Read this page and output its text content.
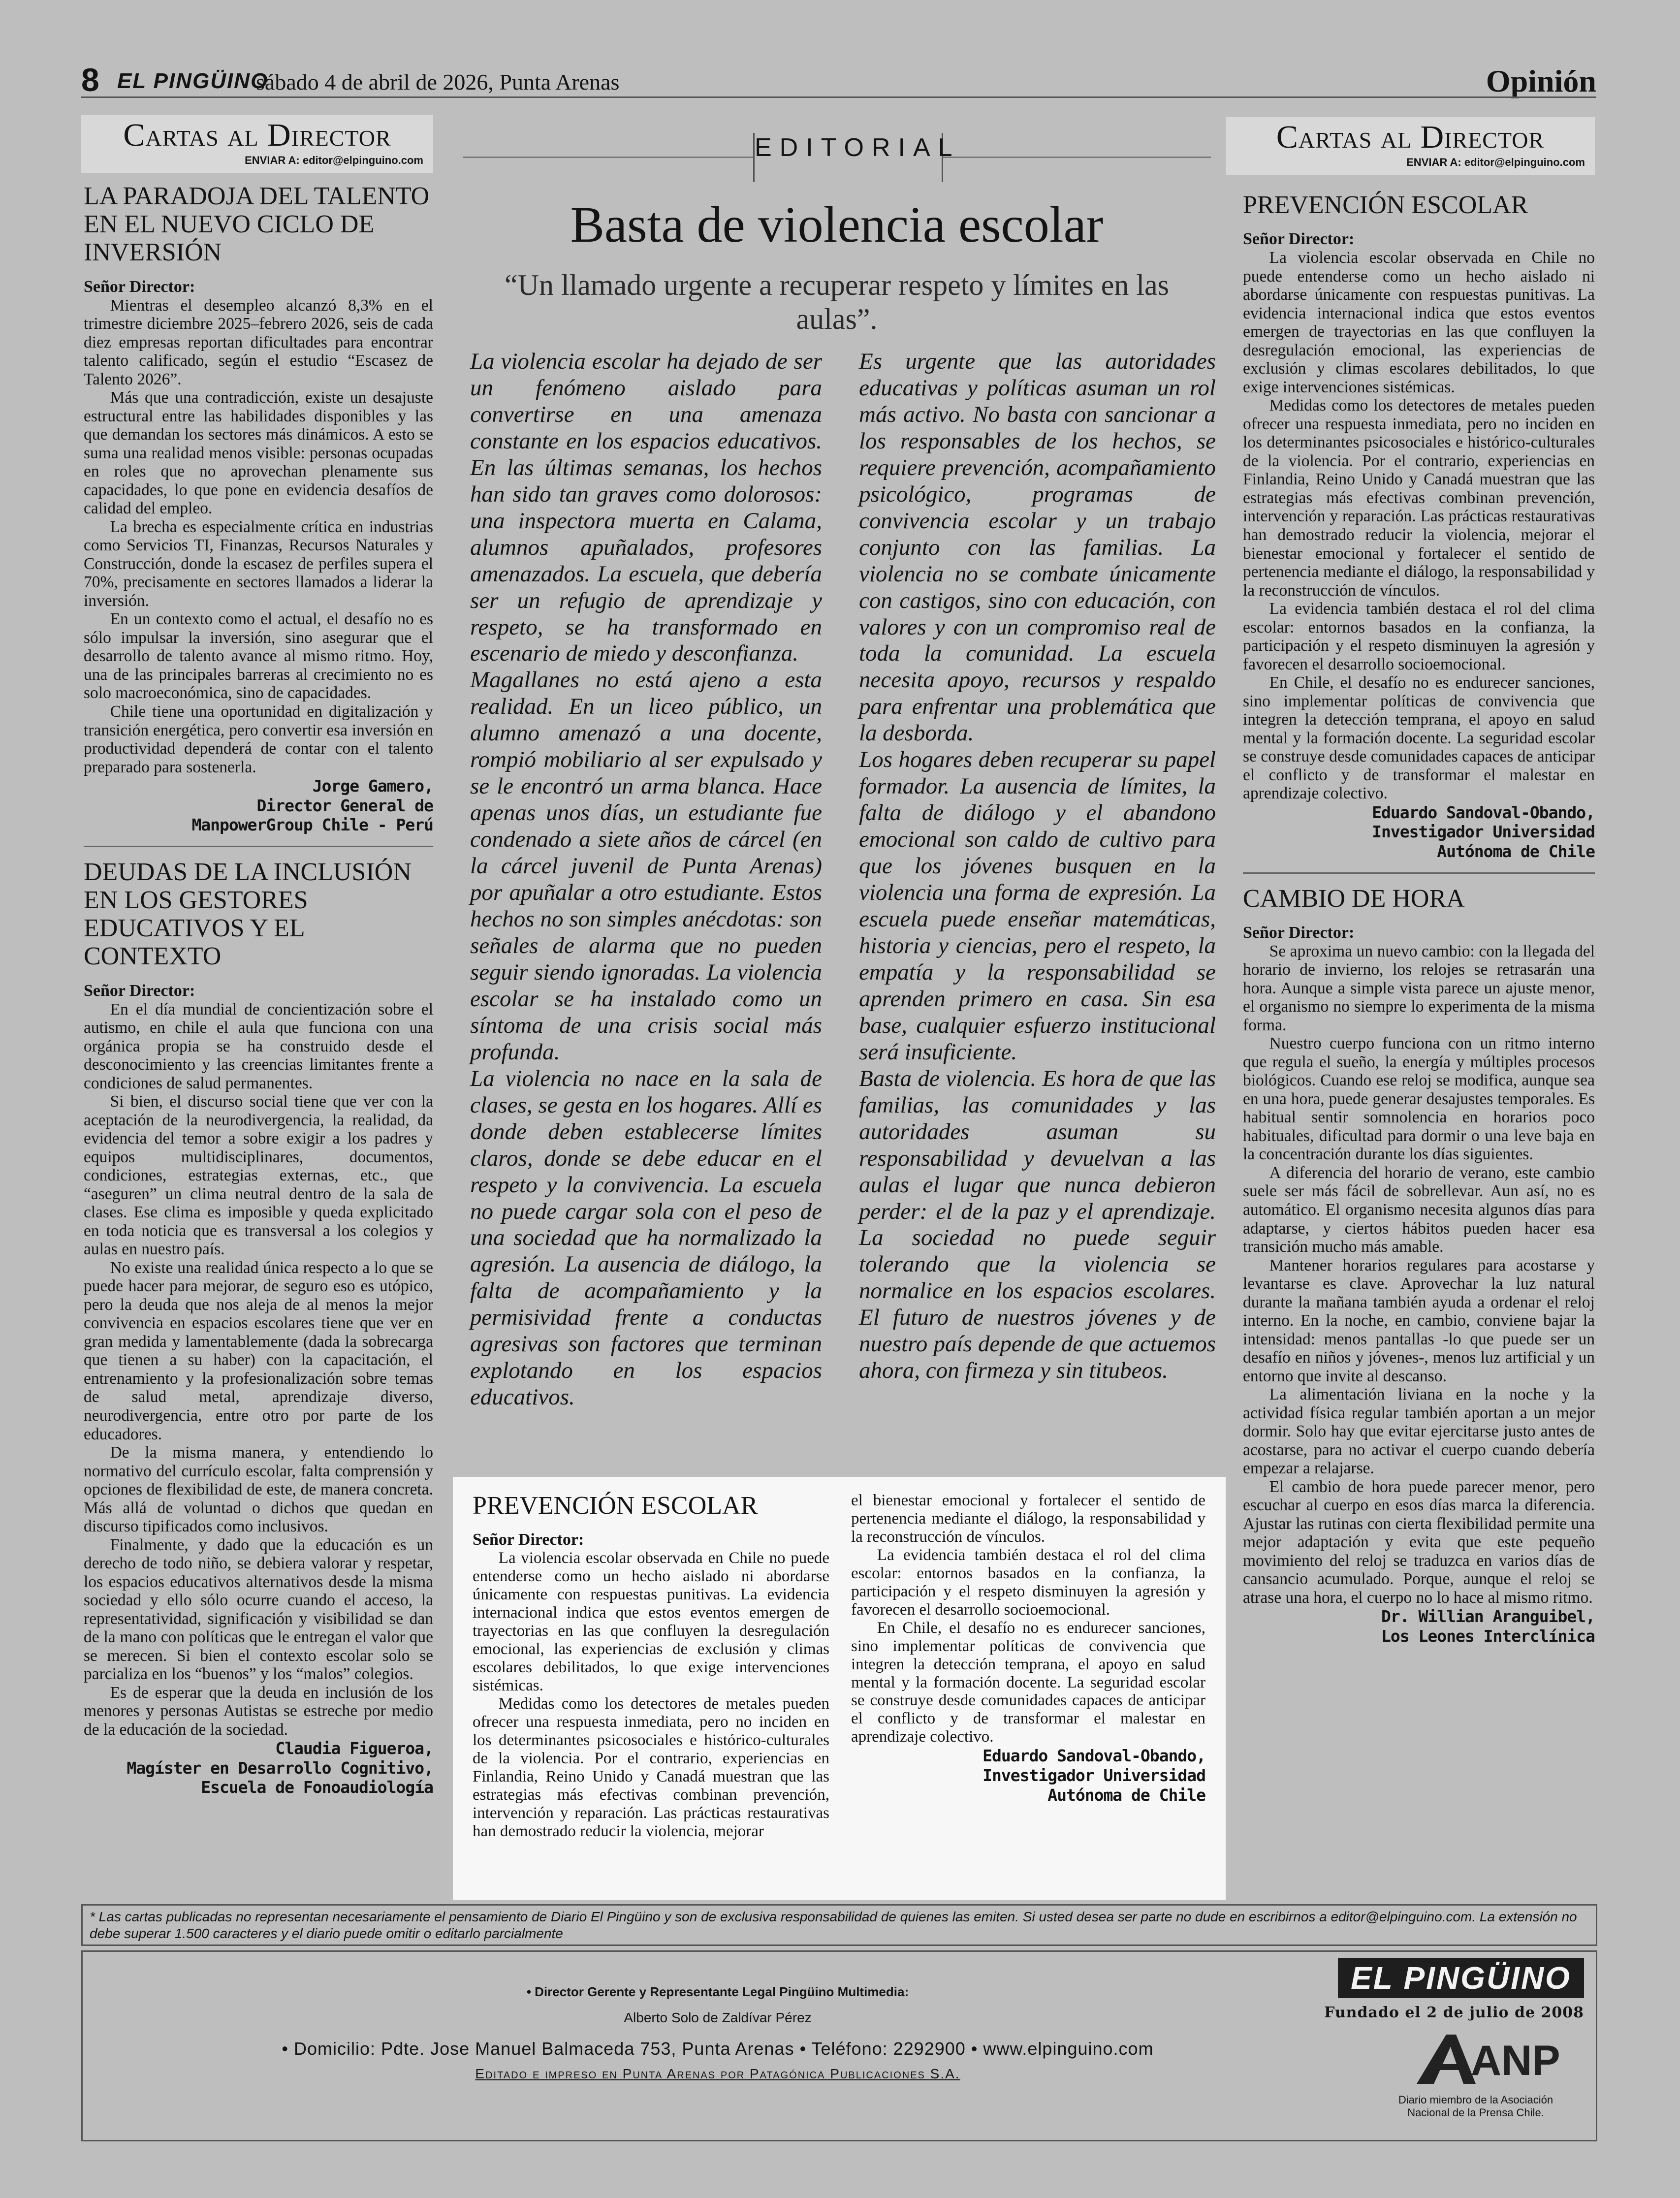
8 EL PINGÜINO
sábado 4 de abril de 2026, Punta Arenas	Opinión
Cartas al Director
ENVIAR A: editor@elpinguino.com
LA PARADOJA DEL TALENTO EN EL NUEVO CICLO DE INVERSIÓN
Señor Director:

Mientras el desempleo alcanzó 8,3% en el trimestre diciembre 2025–febrero 2026, seis de cada diez empresas reportan dificultades para encontrar talento calificado, según el estudio “Escasez de Talento 2026”.

Más que una contradicción, existe un desajuste estructural entre las habilidades disponibles y las que demandan los sectores más dinámicos. A esto se suma una realidad menos visible: personas ocupadas en roles que no aprovechan plenamente sus capacidades, lo que pone en evidencia desafíos de calidad del empleo.

La brecha es especialmente crítica en industrias como Servicios TI, Finanzas, Recursos Naturales y Construcción, donde la escasez de perfiles supera el 70%, precisamente en sectores llamados a liderar la inversión.

En un contexto como el actual, el desafío no es sólo impulsar la inversión, sino asegurar que el desarrollo de talento avance al mismo ritmo. Hoy, una de las principales barreras al crecimiento no es solo macroeconómica, sino de capacidades.

Chile tiene una oportunidad en digitalización y transición energética, pero convertir esa inversión en productividad dependerá de contar con el talento preparado para sostenerla.

Jorge Gamero,
Director General de
ManpowerGroup Chile - Perú
DEUDAS DE LA INCLUSIÓN EN LOS GESTORES EDUCATIVOS Y EL CONTEXTO
Señor Director:

En el día mundial de concientización sobre el autismo, en chile el aula que funciona con una orgánica propia se ha construido desde el desconocimiento y las creencias limitantes frente a condiciones de salud permanentes.

Si bien, el discurso social tiene que ver con la aceptación de la neurodivergencia, la realidad, da evidencia del temor a sobre exigir a los padres y equipos multidisciplinares, documentos, condiciones, estrategias externas, etc., que “aseguren” un clima neutral dentro de la sala de clases. Ese clima es imposible y queda explicitado en toda noticia que es transversal a los colegios y aulas en nuestro país.

No existe una realidad única respecto a lo que se puede hacer para mejorar, de seguro eso es utópico, pero la deuda que nos aleja de al menos la mejor convivencia en espacios escolares tiene que ver en gran medida y lamentablemente (dada la sobrecarga que tienen a su haber) con la capacitación, el entrenamiento y la profesionalización sobre temas de salud metal, aprendizaje diverso, neurodivergencia, entre otro por parte de los educadores.

De la misma manera, y entendiendo lo normativo del currículo escolar, falta comprensión y opciones de flexibilidad de este, de manera concreta. Más allá de voluntad o dichos que quedan en discurso tipificados como inclusivos.

Finalmente, y dado que la educación es un derecho de todo niño, se debiera valorar y respetar, los espacios educativos alternativos desde la misma sociedad y ello sólo ocurre cuando el acceso, la representatividad, significación y visibilidad se dan de la mano con políticas que le entregan el valor que se merecen. Si bien el contexto escolar solo se parcializa en los “buenos” y los “malos” colegios.

Es de esperar que la deuda en inclusión de los menores y personas Autistas se estreche por medio de la educación de la sociedad.

Claudia Figueroa,
Magíster en Desarrollo Cognitivo,
Escuela de Fonoaudiología
EDITORIAL
Basta de violencia escolar
“Un llamado urgente a recuperar respeto y límites en las aulas”.

La violencia escolar ha dejado de ser un fenómeno aislado para convertirse en una amenaza constante en los espacios educativos. En las últimas semanas, los hechos han sido tan graves como dolorosos: una inspectora muerta en Calama, alumnos apuñalados, profesores amenazados. La escuela, que debería ser un refugio de aprendizaje y respeto, se ha transformado en escenario de miedo y desconfianza.

Magallanes no está ajeno a esta realidad. En un liceo público, un alumno amenazó a una docente, rompió mobiliario al ser expulsado y se le encontró un arma blanca. Hace apenas unos días, un estudiante fue condenado a siete años de cárcel (en la cárcel juvenil de Punta Arenas) por apuñalar a otro estudiante. Estos hechos no son simples anécdotas: son señales de alarma que no pueden seguir siendo ignoradas. La violencia escolar se ha instalado como un síntoma de una crisis social más profunda.

La violencia no nace en la sala de clases, se gesta en los hogares. Allí es donde deben establecerse límites claros, donde se debe educar en el respeto y la convivencia. La escuela no puede cargar sola con el peso de una sociedad que ha normalizado la agresión. La ausencia de diálogo, la falta de acompañamiento y la permisividad frente a conductas agresivas son factores que terminan explotando en los espacios educativos.

Es urgente que las autoridades educativas y políticas asuman un rol más activo. No basta con sancionar a los responsables de los hechos, se requiere prevención, acompañamiento psicológico, programas de convivencia escolar y un trabajo conjunto con las familias. La violencia no se combate únicamente con castigos, sino con educación, con valores y con un compromiso real de toda la comunidad. La escuela necesita apoyo, recursos y respaldo para enfrentar una problemática que la desborda.

Los hogares deben recuperar su papel formador. La ausencia de límites, la falta de diálogo y el abandono emocional son caldo de cultivo para que los jóvenes busquen en la violencia una forma de expresión. La escuela puede enseñar matemáticas, historia y ciencias, pero el respeto, la empatía y la responsabilidad se aprenden primero en casa. Sin esa base, cualquier esfuerzo institucional será insuficiente.

Basta de violencia. Es hora de que las familias, las comunidades y las autoridades asuman su responsabilidad y devuelvan a las aulas el lugar que nunca debieron perder: el de la paz y el aprendizaje. La sociedad no puede seguir tolerando que la violencia se normalice en los espacios escolares. El futuro de nuestros jóvenes y de nuestro país depende de que actuemos ahora, con firmeza y sin titubeos.

PREVENCIÓN ESCOLAR
Señor Director:

La violencia escolar observada en Chile no puede entenderse como un hecho aislado ni abordarse únicamente con respuestas punitivas. La evidencia internacional indica que estos eventos emergen de trayectorias en las que confluyen la desregulación emocional, las experiencias de exclusión y climas escolares debilitados, lo que exige intervenciones sistémicas.

Medidas como los detectores de metales pueden ofrecer una respuesta inmediata, pero no inciden en los determinantes psicosociales e histórico-culturales de la violencia. Por el contrario, experiencias en Finlandia, Reino Unido y Canadá muestran que las estrategias más efectivas combinan prevención, intervención y reparación. Las prácticas restaurativas han demostrado reducir la violencia, mejorar

el bienestar emocional y fortalecer el sentido de pertenencia mediante el diálogo, la responsabilidad y la reconstrucción de vínculos.

La evidencia también destaca el rol del clima escolar: entornos basados en la confianza, la participación y el respeto disminuyen la agresión y favorecen el desarrollo socioemocional.

En Chile, el desafío no es endurecer sanciones, sino implementar políticas de convivencia que integren la detección temprana, el apoyo en salud mental y la formación docente. La seguridad escolar se construye desde comunidades capaces de anticipar el conflicto y de transformar el malestar en aprendizaje colectivo.

Eduardo Sandoval-Obando,
Investigador Universidad
Autónoma de Chile
Cartas al Director
ENVIAR A: editor@elpinguino.com
PREVENCIÓN ESCOLAR
Señor Director:

La violencia escolar observada en Chile no puede entenderse como un hecho aislado ni abordarse únicamente con respuestas punitivas. La evidencia internacional indica que estos eventos emergen de trayectorias en las que confluyen la desregulación emocional, las experiencias de exclusión y climas escolares debilitados, lo que exige intervenciones sistémicas.

Medidas como los detectores de metales pueden ofrecer una respuesta inmediata, pero no inciden en los determinantes psicosociales e histórico-culturales de la violencia. Por el contrario, experiencias en Finlandia, Reino Unido y Canadá muestran que las estrategias más efectivas combinan prevención, intervención y reparación. Las prácticas restaurativas han demostrado reducir la violencia, mejorar el bienestar emocional y fortalecer el sentido de pertenencia mediante el diálogo, la responsabilidad y la reconstrucción de vínculos.

La evidencia también destaca el rol del clima escolar: entornos basados en la confianza, la participación y el respeto disminuyen la agresión y favorecen el desarrollo socioemocional.

En Chile, el desafío no es endurecer sanciones, sino implementar políticas de convivencia que integren la detección temprana, el apoyo en salud mental y la formación docente. La seguridad escolar se construye desde comunidades capaces de anticipar el conflicto y de transformar el malestar en aprendizaje colectivo.

Eduardo Sandoval-Obando,
Investigador Universidad
Autónoma de Chile
CAMBIO DE HORA
Señor Director:

Se aproxima un nuevo cambio: con la llegada del horario de invierno, los relojes se retrasarán una hora. Aunque a simple vista parece un ajuste menor, el organismo no siempre lo experimenta de la misma forma.

Nuestro cuerpo funciona con un ritmo interno que regula el sueño, la energía y múltiples procesos biológicos. Cuando ese reloj se modifica, aunque sea en una hora, puede generar desajustes temporales. Es habitual sentir somnolencia en horarios poco habituales, dificultad para dormir o una leve baja en la concentración durante los días siguientes.

A diferencia del horario de verano, este cambio suele ser más fácil de sobrellevar. Aun así, no es automático. El organismo necesita algunos días para adaptarse, y ciertos hábitos pueden hacer esa transición mucho más amable.

Mantener horarios regulares para acostarse y levantarse es clave. Aprovechar la luz natural durante la mañana también ayuda a ordenar el reloj interno. En la noche, en cambio, conviene bajar la intensidad: menos pantallas -lo que puede ser un desafío en niños y jóvenes-, menos luz artificial y un entorno que invite al descanso.

La alimentación liviana en la noche y la actividad física regular también aportan a un mejor dormir. Solo hay que evitar ejercitarse justo antes de acostarse, para no activar el cuerpo cuando debería empezar a relajarse.

El cambio de hora puede parecer menor, pero escuchar al cuerpo en esos días marca la diferencia. Ajustar las rutinas con cierta flexibilidad permite una mejor adaptación y evita que este pequeño movimiento del reloj se traduzca en varios días de cansancio acumulado. Porque, aunque el reloj se atrase una hora, el cuerpo no lo hace al mismo ritmo.

Dr. Willian Aranguibel,
Los Leones Interclínica
* Las cartas publicadas no representan necesariamente el pensamiento de Diario El Pingüino y son de exclusiva responsabilidad de quienes las emiten. Si usted desea ser parte no dude en escribirnos a editor@elpinguino.com. La extensión no debe superar 1.500 caracteres y el diario puede omitir o editarlo parcialmente
• Director Gerente y Representante Legal Pingüino Multimedia:
Alberto Solo de Zaldívar Pérez
• Domicilio: Pdte. Jose Manuel Balmaceda 753, Punta Arenas • Teléfono: 2292900 • www.elpinguino.com
Editado e impreso en Punta Arenas por Patagónica Publicaciones S.A.
EL PINGÜINO
Fundado el 2 de julio de 2008
ANP
Diario miembro de la Asociación Nacional de la Prensa Chile.
